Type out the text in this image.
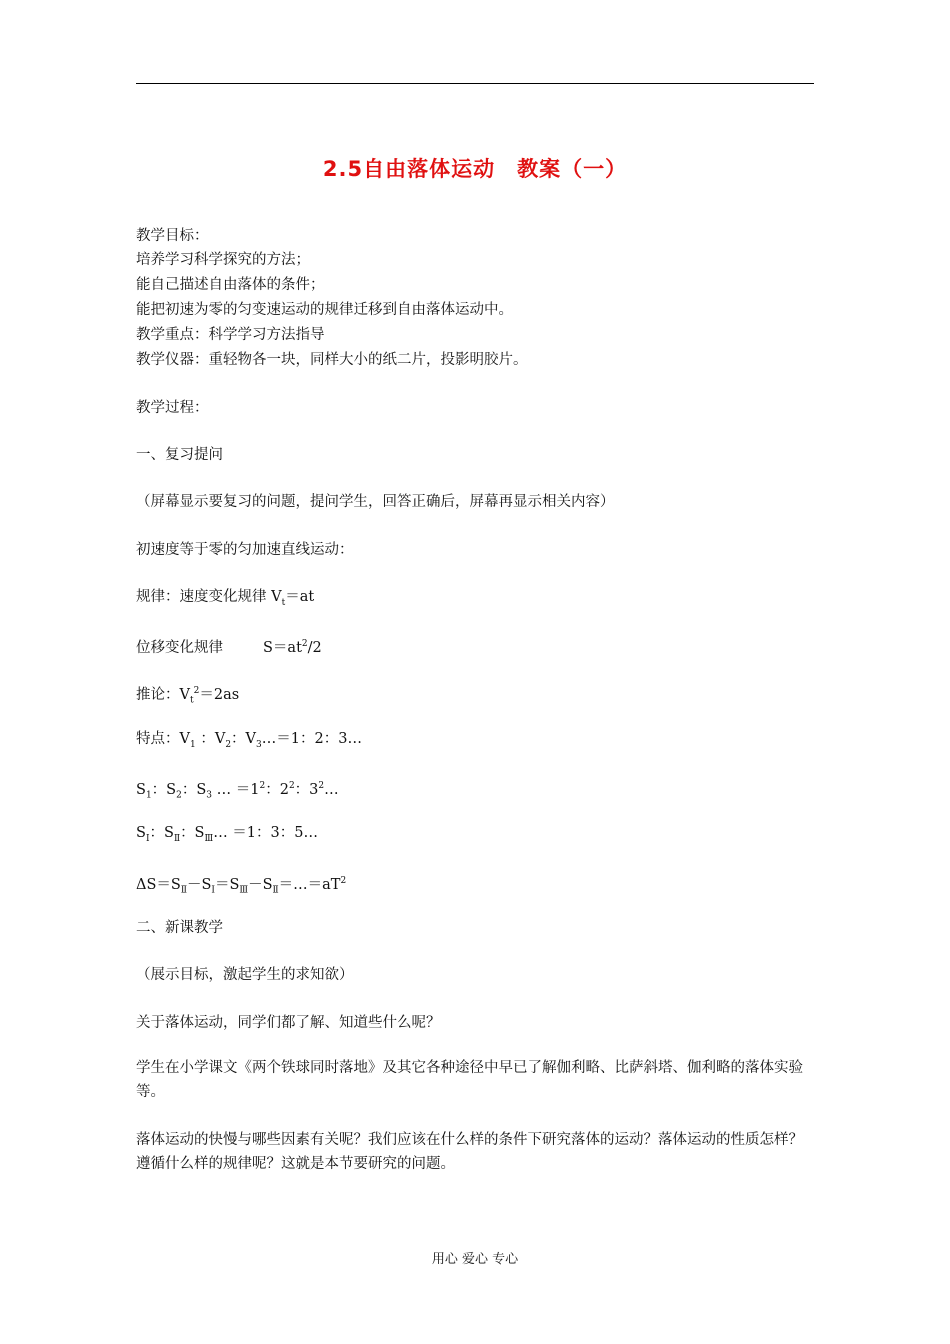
2.5自由落体运动　教案（一）
教学目标：
培养学习科学探究的方法；
能自己描述自由落体的条件；
能把初速为零的匀变速运动的规律迁移到自由落体运动中。
教学重点：科学学习方法指导
教学仪器：重轻物各一块，同样大小的纸二片，投影明胶片。
教学过程：
一、复习提问
（屏幕显示要复习的问题，提问学生，回答正确后，屏幕再显示相关内容）
初速度等于零的匀加速直线运动：
规律：速度变化规律 $V_t=at$
位移变化规律	$S=at^2/2$
推论：$V_t^2=2as$
特点：$V_1$ ：$V_2$：$V_3\dots=1$：2：3…
$S_1$：$S_2$：$S_3$ … $=1^2$：$2^2$：$3^2\dots$
$S_Ⅰ$：$S_Ⅱ$：$S_Ⅲ\dots =1$：3：5…
$\Delta S=S_Ⅱ-S_Ⅰ=S_Ⅲ-S_Ⅱ=\dots=aT^2$
二、新课教学
（展示目标，激起学生的求知欲）
关于落体运动，同学们都了解、知道些什么呢？
学生在小学课文《两个铁球同时落地》及其它各种途径中早已了解伽利略、比萨斜塔、伽利略的落体实验等。
落体运动的快慢与哪些因素有关呢？我们应该在什么样的条件下研究落体的运动？落体运动的性质怎样？遵循什么样的规律呢？这就是本节要研究的问题。
用心 爱心 专心
